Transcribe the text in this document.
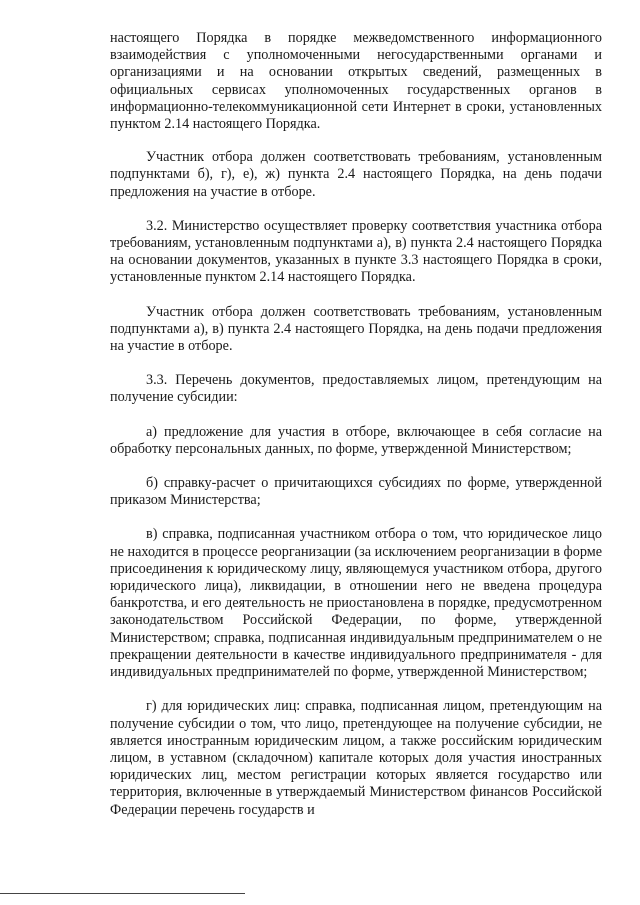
настоящего Порядка в порядке межведомственного информационного взаимодействия с уполномоченными негосударственными органами и организациями и на основании открытых сведений, размещенных в официальных сервисах уполномоченных государственных органов в информационно-телекоммуникационной сети Интернет в сроки, установленных пунктом 2.14 настоящего Порядка.

Участник отбора должен соответствовать требованиям, установленным подпунктами б), г), е), ж) пункта 2.4 настоящего Порядка, на день подачи предложения на участие в отборе.

3.2. Министерство осуществляет проверку соответствия участника отбора требованиям, установленным подпунктами а), в) пункта 2.4 настоящего Порядка на основании документов, указанных в пункте 3.3 настоящего Порядка в сроки, установленные пунктом 2.14 настоящего Порядка.

Участник отбора должен соответствовать требованиям, установленным подпунктами а), в) пункта 2.4 настоящего Порядка, на день подачи предложения на участие в отборе.

3.3. Перечень документов, предоставляемых лицом, претендующим на получение субсидии:

а) предложение для участия в отборе, включающее в себя согласие на обработку персональных данных, по форме, утвержденной Министерством;

б) справку-расчет о причитающихся субсидиях по форме, утвержденной приказом Министерства;

в) справка, подписанная участником отбора о том, что юридическое лицо не находится в процессе реорганизации (за исключением реорганизации в форме присоединения к юридическому лицу, являющемуся участником отбора, другого юридического лица), ликвидации, в отношении него не введена процедура банкротства, и его деятельность не приостановлена в порядке, предусмотренном законодательством Российской Федерации, по форме, утвержденной Министерством; справка, подписанная индивидуальным предпринимателем о не прекращении деятельности в качестве индивидуального предпринимателя - для индивидуальных предпринимателей по форме, утвержденной Министерством;

г) для юридических лиц: справка, подписанная лицом, претендующим на получение субсидии о том, что лицо, претендующее на получение субсидии, не является иностранным юридическим лицом, а также российским юридическим лицом, в уставном (складочном) капитале которых доля участия иностранных юридических лиц, местом регистрации которых является государство или территория, включенные в утверждаемый Министерством финансов Российской Федерации перечень государств и
